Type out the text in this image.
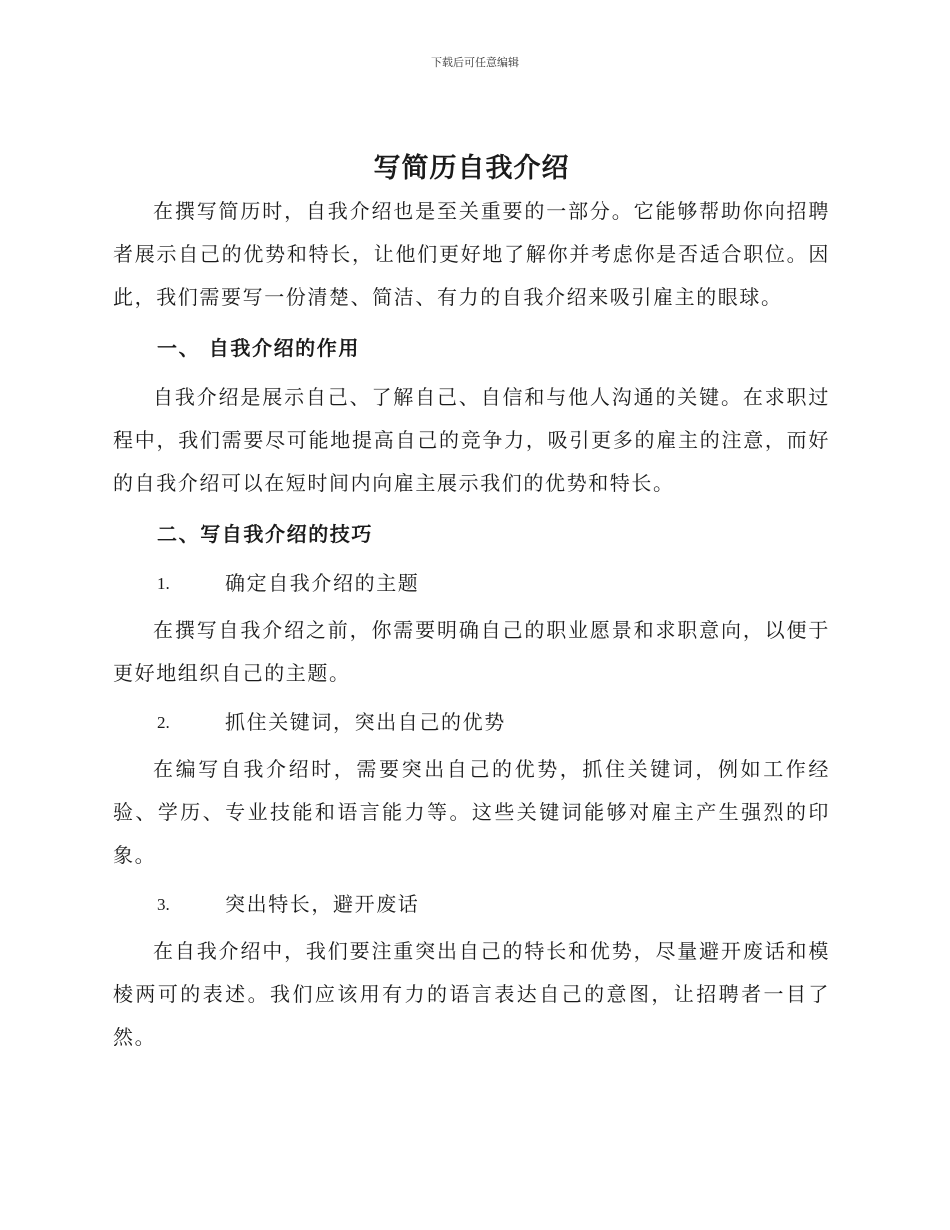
下载后可任意编辑
写简历自我介绍

在撰写简历时，自我介绍也是至关重要的一部分。它能够帮助你向招聘者展示自己的优势和特长，让他们更好地了解你并考虑你是否适合职位。因此，我们需要写一份清楚、简洁、有力的自我介绍来吸引雇主的眼球。

一、 自我介绍的作用

自我介绍是展示自己、了解自己、自信和与他人沟通的关键。在求职过程中，我们需要尽可能地提高自己的竞争力，吸引更多的雇主的注意，而好的自我介绍可以在短时间内向雇主展示我们的优势和特长。

二、写自我介绍的技巧
1.	确定自我介绍的主题

在撰写自我介绍之前，你需要明确自己的职业愿景和求职意向，以便于更好地组织自己的主题。

2.	抓住关键词，突出自己的优势

在编写自我介绍时，需要突出自己的优势，抓住关键词，例如工作经验、学历、专业技能和语言能力等。这些关键词能够对雇主产生强烈的印象。

3.	突出特长，避开废话

在自我介绍中，我们要注重突出自己的特长和优势，尽量避开废话和模棱两可的表述。我们应该用有力的语言表达自己的意图，让招聘者一目了然。
